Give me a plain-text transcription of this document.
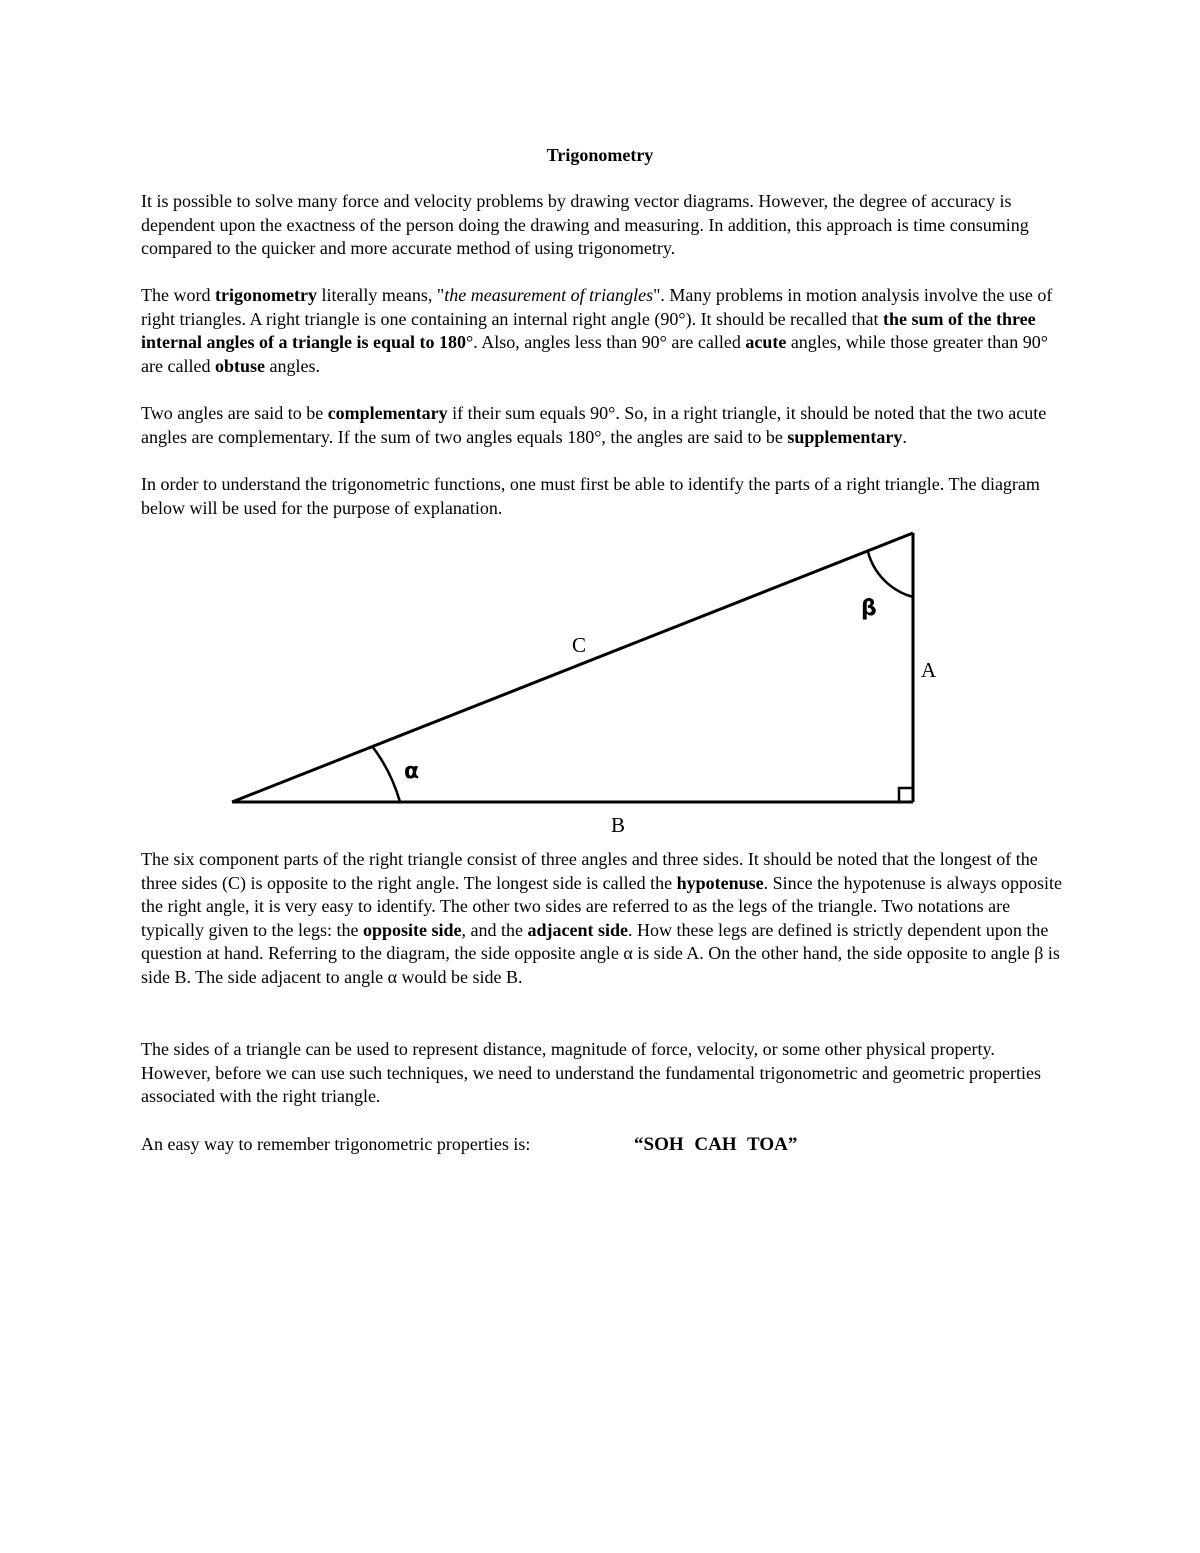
Trigonometry
It is possible to solve many force and velocity problems by drawing vector diagrams. However, the degree of accuracy is dependent upon the exactness of the person doing the drawing and measuring. In addition, this approach is time consuming compared to the quicker and more accurate method of using trigonometry.
The word trigonometry literally means, "the measurement of triangles". Many problems in motion analysis involve the use of right triangles. A right triangle is one containing an internal right angle (90°). It should be recalled that the sum of the three internal angles of a triangle is equal to 180°. Also, angles less than 90° are called acute angles, while those greater than 90° are called obtuse angles.
Two angles are said to be complementary if their sum equals 90°. So, in a right triangle, it should be noted that the two acute angles are complementary. If the sum of two angles equals 180°, the angles are said to be supplementary.
In order to understand the trigonometric functions, one must first be able to identify the parts of a right triangle. The diagram below will be used for the purpose of explanation.
C
A
B
α
β
The six component parts of the right triangle consist of three angles and three sides. It should be noted that the longest of the three sides (C) is opposite to the right angle. The longest side is called the hypotenuse. Since the hypotenuse is always opposite the right angle, it is very easy to identify. The other two sides are referred to as the legs of the triangle. Two notations are typically given to the legs: the opposite side, and the adjacent side. How these legs are defined is strictly dependent upon the question at hand. Referring to the diagram, the side opposite angle α is side A. On the other hand, the side opposite to angle β is side B. The side adjacent to angle α would be side B.
The sides of a triangle can be used to represent distance, magnitude of force, velocity, or some other physical property. However, before we can use such techniques, we need to understand the fundamental trigonometric and geometric properties associated with the right triangle.
An easy way to remember trigonometric properties is:	“SOH CAH TOA”
